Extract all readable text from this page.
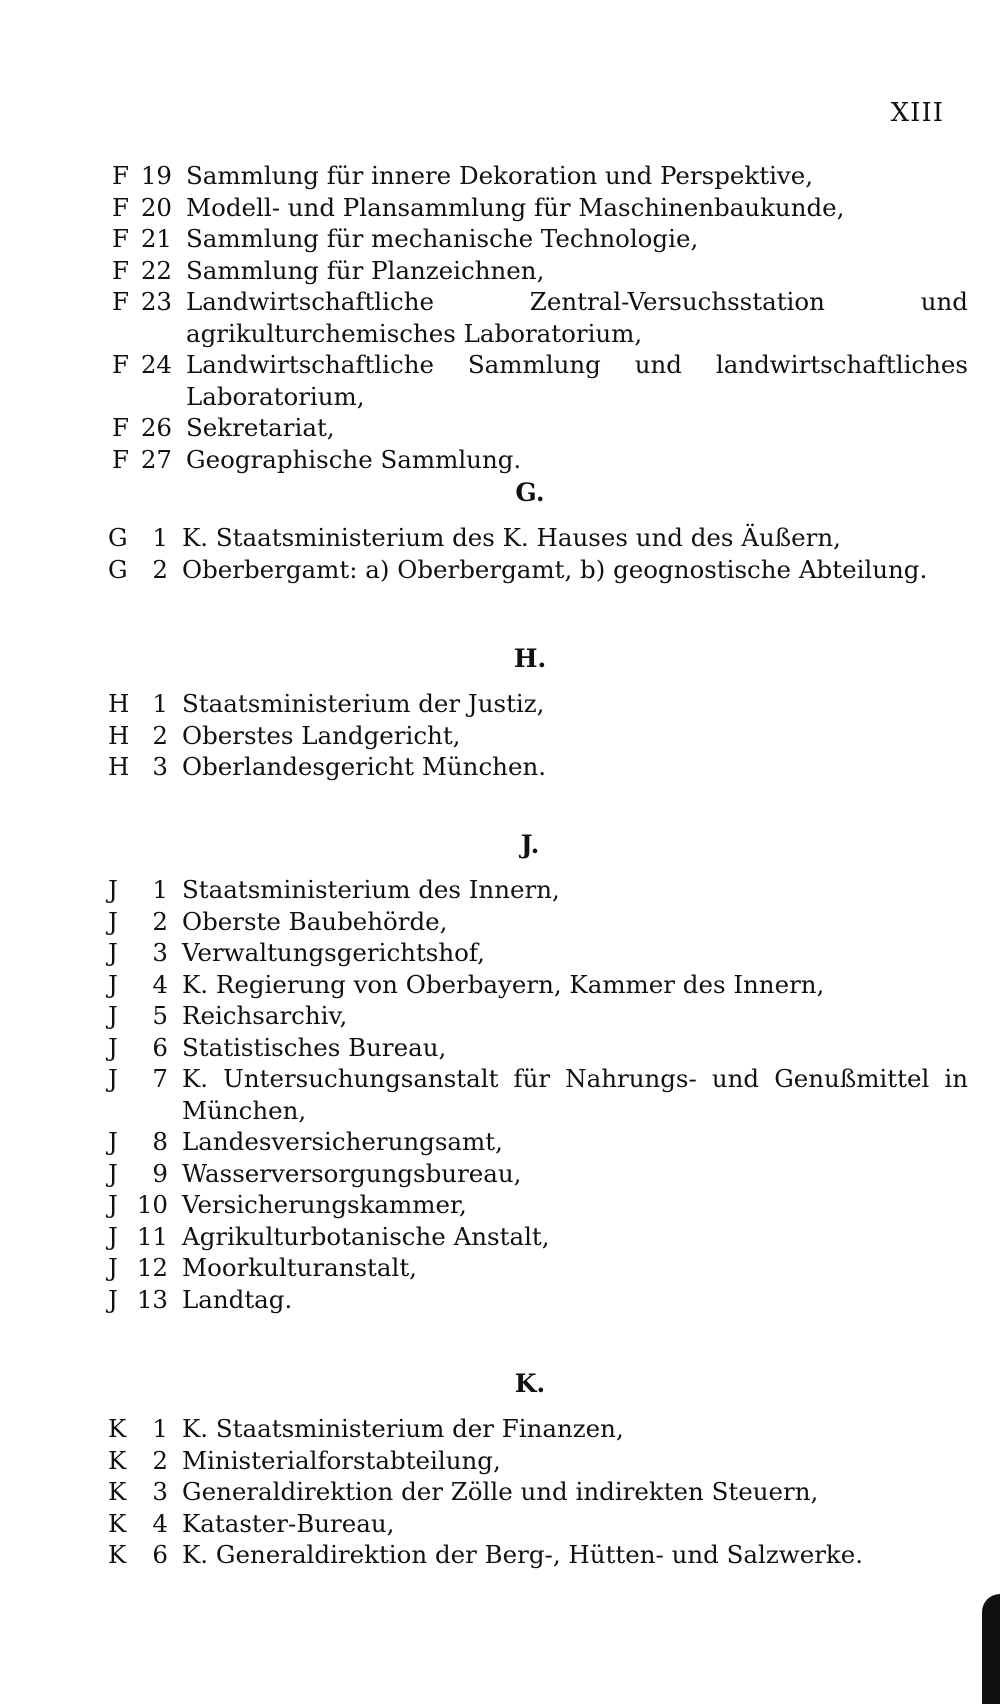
XIII
F 19 Sammlung für innere Dekoration und Perspektive,
F 20 Modell- und Plansammlung für Maschinenbaukunde,
F 21 Sammlung für mechanische Technologie,
F 22 Sammlung für Planzeichnen,
F 23 Landwirtschaftliche Zentral-Versuchsstation und agrikulturchemisches Laboratorium,
F 24 Landwirtschaftliche Sammlung und landwirtschaftliches Laboratorium,
F 26 Sekretariat,
F 27 Geographische Sammlung.
G.
G	1 K. Staatsministerium des K. Hauses und des Äußern,
G	2 Oberbergamt: a) Oberbergamt, b) geognostische Abteilung.
H.
H 1 Staatsministerium der Justiz,
H 2 Oberstes Landgericht,
H 3 Oberlandesgericht München.
J.
J	1 Staatsministerium des Innern,
J	2 Oberste Baubehörde,
J	3 Verwaltungsgerichtshof,
J	4 K. Regierung von Oberbayern, Kammer des Innern,
J	5 Reichsarchiv,
J	6 Statistisches Bureau,
J	7 K. Untersuchungsanstalt für Nahrungs- und Genußmittel in München,
J	8 Landesversicherungsamt,
J	9 Wasserversorgungsbureau,
J 10 Versicherungskammer,
J 11 Agrikulturbotanische Anstalt,
J 12 Moorkulturanstalt,
J 13 Landtag.
K.
K	1 K. Staatsministerium der Finanzen,
K	2 Ministerialforstabteilung,
K	3 Generaldirektion der Zölle und indirekten Steuern,
K	4 Kataster-Bureau,
K	6 K. Generaldirektion der Berg-, Hütten- und Salzwerke.
